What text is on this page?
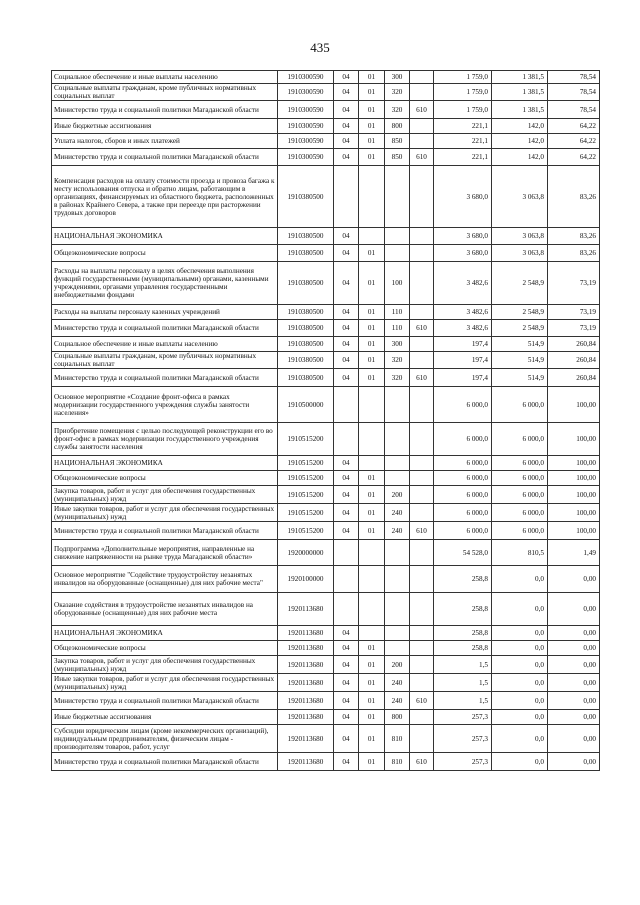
435
Социальное обеспечение и иные выплаты населению	1910300590	04	01	300		1 759,0	1 381,5	78,54
Социальные выплаты гражданам, кроме публичных нормативных социальных выплат	1910300590	04	01	320		1 759,0	1 381,5	78,54
Министерство труда и социальной политики Магаданской области	1910300590	04	01	320	610	1 759,0	1 381,5	78,54
Иные бюджетные ассигнования	1910300590	04	01	800		221,1	142,0	64,22
Уплата налогов, сборов и иных платежей	1910300590	04	01	850		221,1	142,0	64,22
Министерство труда и социальной политики Магаданской области	1910300590	04	01	850	610	221,1	142,0	64,22
Компенсация расходов на оплату стоимости проезда и провоза багажа к месту использования отпуска и обратно лицам, работающим в организациях, финансируемых из областного бюджета, расположенных в районах Крайнего Севера, а также при переезде при расторжении трудовых договоров	1910380500					3 680,0	3 063,8	83,26
НАЦИОНАЛЬНАЯ ЭКОНОМИКА	1910380500	04				3 680,0	3 063,8	83,26
Общеэкономические вопросы	1910380500	04	01			3 680,0	3 063,8	83,26
Расходы на выплаты персоналу в целях обеспечения выполнения функций государственными (муниципальными) органами, казенными учреждениями, органами управления государственными внебюджетными фондами	1910380500	04	01	100		3 482,6	2 548,9	73,19
Расходы на выплаты персоналу казенных учреждений	1910380500	04	01	110		3 482,6	2 548,9	73,19
Министерство труда и социальной политики Магаданской области	1910380500	04	01	110	610	3 482,6	2 548,9	73,19
Социальное обеспечение и иные выплаты населению	1910380500	04	01	300		197,4	514,9	260,84
Социальные выплаты гражданам, кроме публичных нормативных социальных выплат	1910380500	04	01	320		197,4	514,9	260,84
Министерство труда и социальной политики Магаданской области	1910380500	04	01	320	610	197,4	514,9	260,84
Основное мероприятие «Создание фронт-офиса в рамках модернизации государственного учреждения службы занятости населения»	1910500000					6 000,0	6 000,0	100,00
Приобретение помещения с целью последующей реконструкции его во фронт-офис в рамках модернизации государственного учреждения службы занятости населения	1910515200					6 000,0	6 000,0	100,00
НАЦИОНАЛЬНАЯ ЭКОНОМИКА	1910515200	04				6 000,0	6 000,0	100,00
Общеэкономические вопросы	1910515200	04	01			6 000,0	6 000,0	100,00
Закупка товаров, работ и услуг для обеспечения государственных (муниципальных) нужд	1910515200	04	01	200		6 000,0	6 000,0	100,00
Иные закупки товаров, работ и услуг для обеспечения государственных (муниципальных) нужд	1910515200	04	01	240		6 000,0	6 000,0	100,00
Министерство труда и социальной политики Магаданской области	1910515200	04	01	240	610	6 000,0	6 000,0	100,00
Подпрограмма «Дополнительные мероприятия, направленные на снижение напряженности на рынке труда Магаданской области»	1920000000					54 528,0	810,5	1,49
Основное мероприятие "Содействие трудоустройству незанятых инвалидов на оборудованные (оснащенные) для них рабочие места"	1920100000					258,8	0,0	0,00
Оказание содействия в трудоустройстве незанятых инвалидов на оборудованные (оснащенные) для них рабочие места	1920113680					258,8	0,0	0,00
НАЦИОНАЛЬНАЯ ЭКОНОМИКА	1920113680	04				258,8	0,0	0,00
Общеэкономические вопросы	1920113680	04	01			258,8	0,0	0,00
Закупка товаров, работ и услуг для обеспечения государственных (муниципальных) нужд	1920113680	04	01	200		1,5	0,0	0,00
Иные закупки товаров, работ и услуг для обеспечения государственных (муниципальных) нужд	1920113680	04	01	240		1,5	0,0	0,00
Министерство труда и социальной политики Магаданской области	1920113680	04	01	240	610	1,5	0,0	0,00
Иные бюджетные ассигнования	1920113680	04	01	800		257,3	0,0	0,00
Субсидии юридическим лицам (кроме некоммерческих организаций), индивидуальным предпринимателям, физическим лицам - производителям товаров, работ, услуг	1920113680	04	01	810		257,3	0,0	0,00
Министерство труда и социальной политики Магаданской области	1920113680	04	01	810	610	257,3	0,0	0,00
